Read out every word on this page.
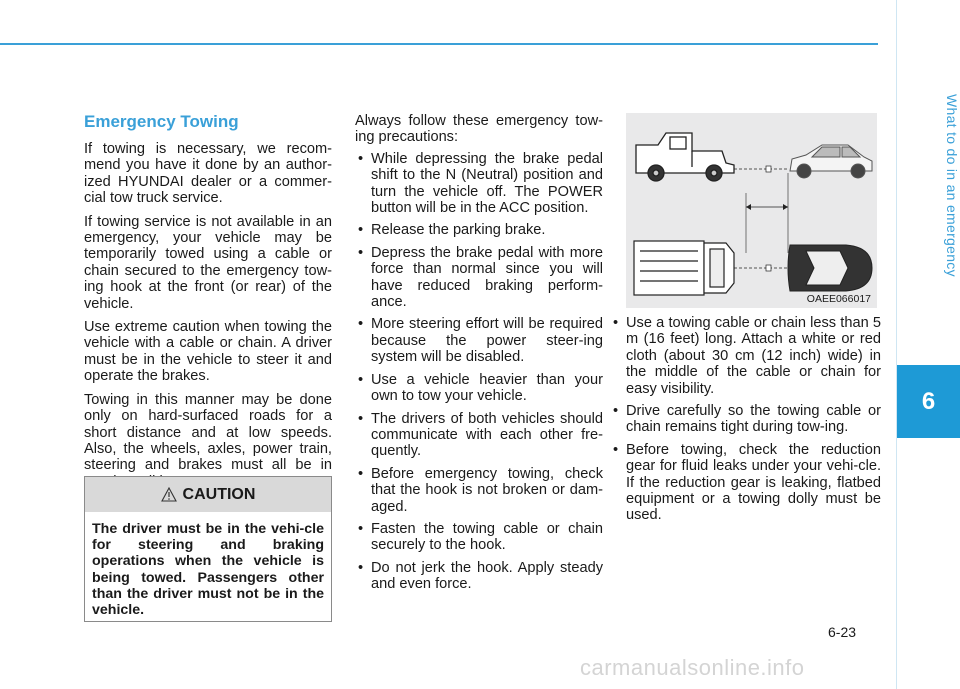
What to do in an emergency
6
Emergency Towing

If towing is necessary, we recom-mend you have it done by an author-ized HYUNDAI dealer or a commer-cial tow truck service.

If towing service is not available in an emergency, your vehicle may be temporarily towed using a cable or chain secured to the emergency tow-ing hook at the front (or rear) of the vehicle.

Use extreme caution when towing the vehicle with a cable or chain. A driver must be in the vehicle to steer it and operate the brakes.

Towing in this manner may be done only on hard-surfaced roads for a short distance and at low speeds. Also, the wheels, axles, power train, steering and brakes must all be in

CAUTION
The driver must be in the vehi-cle for steering and braking operations when the vehicle is being towed. Passengers other than the driver must not be in the vehicle.

Always follow these emergency tow-ing precautions:

• While depressing the brake pedal shift to the N (Neutral) position and turn the vehicle off. The POWER button will be in the ACC position.
• Release the parking brake.
• Depress the brake pedal with more force than normal since you will have reduced braking perform-ance.
• More steering effort will be required because the power steer-ing system will be disabled.
• Use a vehicle heavier than your own to tow your vehicle.
• The drivers of both vehicles should communicate with each other fre-quently.
• Before emergency towing, check that the hook is not broken or dam-aged.
• Fasten the towing cable or chain securely to the hook.
• Do not jerk the hook. Apply steady and even force.
OAEE066017
• Use a towing cable or chain less than 5 m (16 feet) long. Attach a white or red cloth (about 30 cm (12 inch) wide) in the middle of the cable or chain for easy visibility.
• Drive carefully so the towing cable or chain remains tight during tow-ing.
• Before towing, check the reduction gear for fluid leaks under your vehi-cle. If the reduction gear is leaking, flatbed equipment or a towing dolly must be used.
6-23
carmanualsonline.info
